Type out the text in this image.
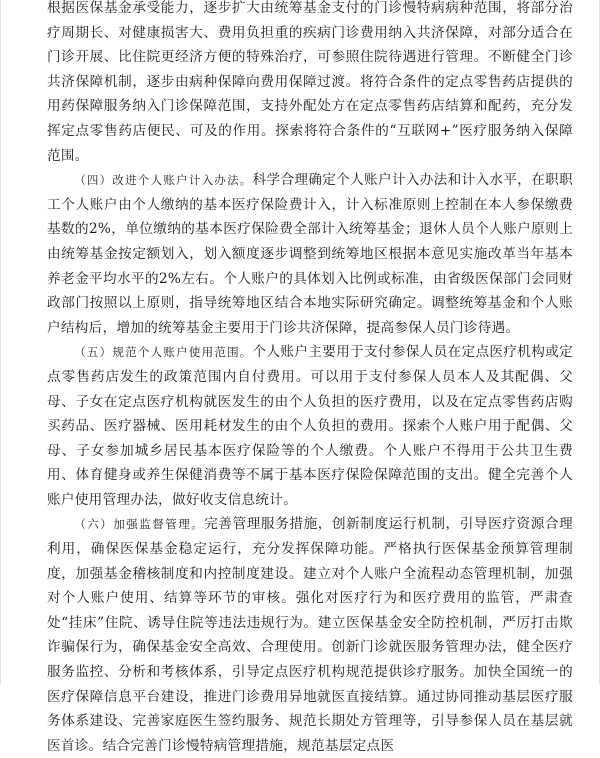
根据医保基金承受能力，逐步扩大由统筹基金支付的门诊慢特病病种范围，将部分治疗周期长、对健康损害大、费用负担重的疾病门诊费用纳入共济保障，对部分适合在门诊开展、比住院更经济方便的特殊治疗，可参照住院待遇进行管理。不断健全门诊共济保障机制，逐步由病种保障向费用保障过渡。将符合条件的定点零售药店提供的用药保障服务纳入门诊保障范围，支持外配处方在定点零售药店结算和配药，充分发挥定点零售药店便民、可及的作用。探索将符合条件的“互联网+”医疗服务纳入保障范围。

（四）改进个人账户计入办法。科学合理确定个人账户计入办法和计入水平，在职职工个人账户由个人缴纳的基本医疗保险费计入，计入标准原则上控制在本人参保缴费基数的2%，单位缴纳的基本医疗保险费全部计入统筹基金；退休人员个人账户原则上由统筹基金按定额划入，划入额度逐步调整到统筹地区根据本意见实施改革当年基本养老金平均水平的2%左右。个人账户的具体划入比例或标准，由省级医保部门会同财政部门按照以上原则，指导统筹地区结合本地实际研究确定。调整统筹基金和个人账户结构后，增加的统筹基金主要用于门诊共济保障，提高参保人员门诊待遇。

（五）规范个人账户使用范围。个人账户主要用于支付参保人员在定点医疗机构或定点零售药店发生的政策范围内自付费用。可以用于支付参保人员本人及其配偶、父母、子女在定点医疗机构就医发生的由个人负担的医疗费用，以及在定点零售药店购买药品、医疗器械、医用耗材发生的由个人负担的费用。探索个人账户用于配偶、父母、子女参加城乡居民基本医疗保险等的个人缴费。个人账户不得用于公共卫生费用、体育健身或养生保健消费等不属于基本医疗保险保障范围的支出。健全完善个人账户使用管理办法，做好收支信息统计。

（六）加强监督管理。完善管理服务措施，创新制度运行机制，引导医疗资源合理利用，确保医保基金稳定运行，充分发挥保障功能。严格执行医保基金预算管理制度，加强基金稽核制度和内控制度建设。建立对个人账户全流程动态管理机制，加强对个人账户使用、结算等环节的审核。强化对医疗行为和医疗费用的监管，严肃查处“挂床”住院、诱导住院等违法违规行为。建立医保基金安全防控机制，严厉打击欺诈骗保行为，确保基金安全高效、合理使用。创新门诊就医服务管理办法，健全医疗服务监控、分析和考核体系，引导定点医疗机构规范提供诊疗服务。加快全国统一的医疗保障信息平台建设，推进门诊费用异地就医直接结算。通过协同推动基层医疗服务体系建设、完善家庭医生签约服务、规范长期处方管理等，引导参保人员在基层就医首诊。结合完善门诊慢特病管理措施，规范基层定点医
